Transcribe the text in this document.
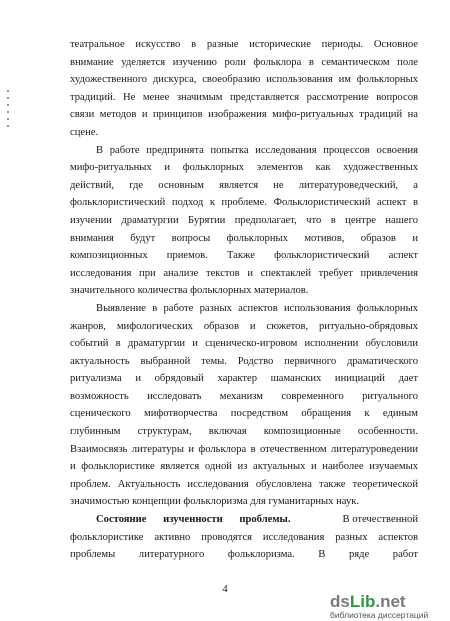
театральное искусство в разные исторические периоды. Основное
внимание уделяется изучению роли фольклора в семантическом поле
художественного дискурса, своеобразию использования им фольклорных
традиций. Не менее значимым представляется рассмотрение вопросов
связи методов и принципов изображения мифо-ритуальных традиций на
сцене.
В работе предпринята попытка исследования процессов освоения
мифо-ритуальных и фольклорных элементов как художественных
действий, где основным является не литературоведческий, а
фольклористический подход к проблеме. Фольклористический аспект в
изучении драматургии Бурятии предполагает, что в центре нашего
внимания будут вопросы фольклорных мотивов, образов и
композиционных приемов. Также фольклористический аспект
исследования при анализе текстов и спектаклей требует привлечения
значительного количества фольклорных материалов.
Выявление в работе разных аспектов использования фольклорных
жанров, мифологических образов и сюжетов, ритуально-обрядовых
событий в драматургии и сценическо-игровом исполнении обусловили
актуальность выбранной темы. Родство первичного драматического
ритуализма и обрядовый характер шаманских инициаций дает
возможность исследовать механизм современного ритуального
сценического мифотворчества посредством обращения к единым
глубинным структурам, включая композиционные особенности.
Взаимосвязь литературы и фольклора в отечественном литературоведении
и фольклористике является одной из актуальных и наиболее изучаемых
проблем. Актуальность исследования обусловлена также теоретической
значимостью концепции фольклоризма для гуманитарных наук.
Состояние изученности проблемы.	В отечественной
фольклористике активно проводятся исследования разных аспектов
проблемы литературного фольклоризма. В ряде работ
4
dsLib.net
библиотека диссертаций
